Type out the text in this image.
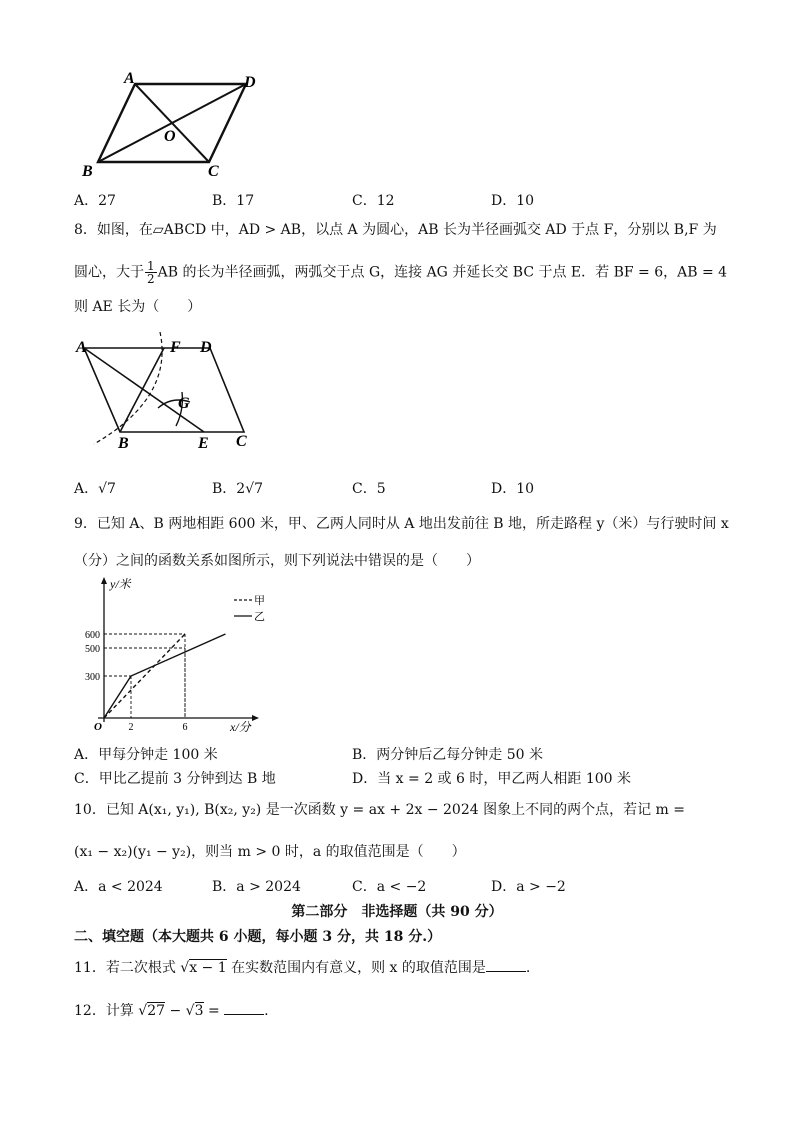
A	D
O
B	C
A．27	B．17	C．12	D．10
8．如图，在▱ABCD 中，AD > AB，以点 A 为圆心，AB 长为半径画弧交 AD 于点 F，分别以 B,F 为
圆心，大于 $\frac{1}{2}$ AB 的长为半径画弧，两弧交于点 G，连接 AG 并延长交 BC 于点 E．若 BF = 6，AB = 4
则 AE 长为（　　）
A	F D
G
B	E C
A．√7	B．2√7	C．5	D．10
9．已知 A、B 两地相距 600 米，甲、乙两人同时从 A 地出发前往 B 地，所走路程 y（米）与行驶时间 x
（分）之间的函数关系如图所示，则下列说法中错误的是（　　）
y/米
x/分
O
300
500
600
2	6
甲
乙
A．甲每分钟走 100 米	B．两分钟后乙每分钟走 50 米
C．甲比乙提前 3 分钟到达 B 地	D．当 x = 2 或 6 时，甲乙两人相距 100 米
10．已知 A(x₁, y₁), B(x₂, y₂) 是一次函数 y = ax + 2x − 2024 图象上不同的两个点，若记 m =
(x₁ − x₂)(y₁ − y₂)，则当 m > 0 时，a 的取值范围是（　　）
A．a < 2024	B．a > 2024	C．a < −2	D．a > −2
第二部分　非选择题（共 90 分）
二、填空题（本大题共 6 小题，每小题 3 分，共 18 分.）
11．若二次根式 √x − 1 在实数范围内有意义，则 x 的取值范围是	.
12．计算 √27 − √3 =	.
